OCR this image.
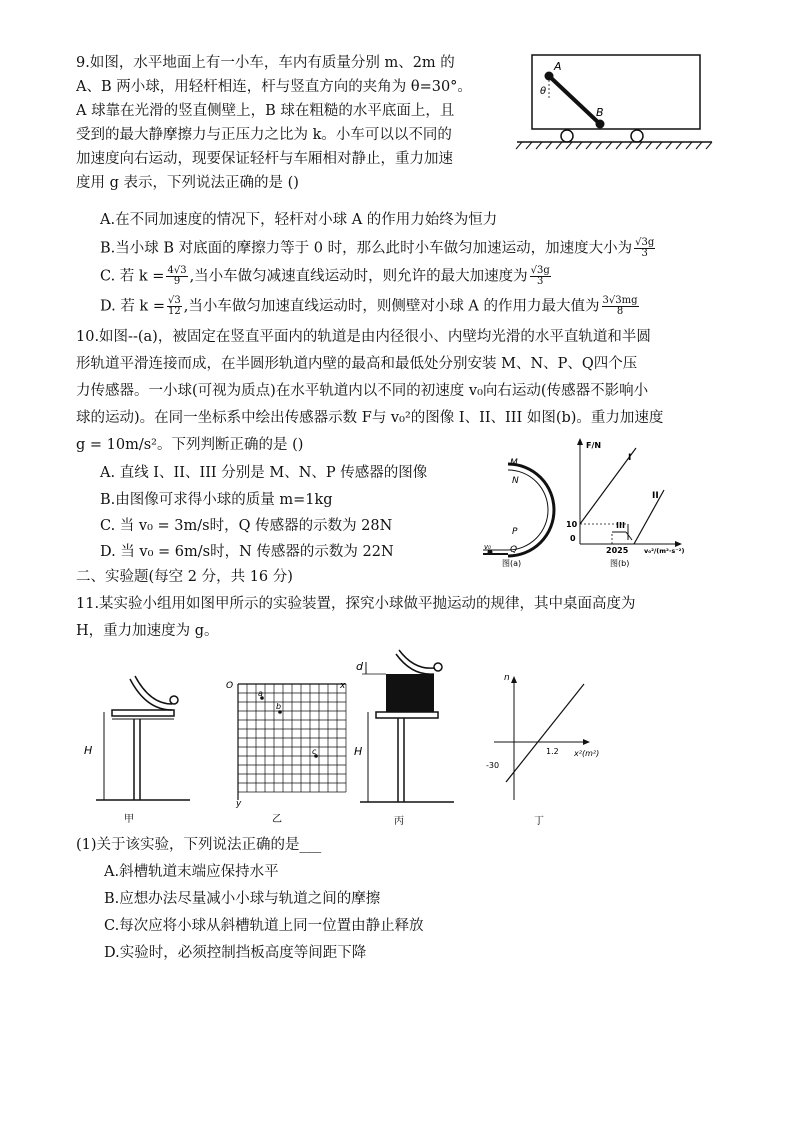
9.如图，水平地面上有一小车，车内有质量分别 m、2m 的
A、B 两小球，用轻杆相连，杆与竖直方向的夹角为 θ=30°。
A 球靠在光滑的竖直侧壁上，B 球在粗糙的水平底面上，且
受到的最大静摩擦力与正压力之比为 k。小车可以以不同的
加速度向右运动，现要保证轻杆与车厢相对静止，重力加速
度用 g 表示，下列说法正确的是 ()
A
B
θ
A.在不同加速度的情况下，轻杆对小球 A 的作用力始终为恒力
B.当小球 B 对底面的摩擦力等于 0 时，那么此时小车做匀加速运动，加速度大小为 $\frac{√3g}{3}$
C. 若 $k = \frac{4√3}{9}$ ,当小车做匀减速直线运动时，则允许的最大加速度为 $\frac{√3g}{3}$
D. 若 $k = \frac{√3}{12}$ ,当小车做匀加速直线运动时，则侧壁对小球 A 的作用力最大值为 $\frac{3√3mg}{8}$
10.如图--(a)，被固定在竖直平面内的轨道是由内径很小、内壁均光滑的水平直轨道和半圆
形轨道平滑连接而成，在半圆形轨道内壁的最高和最低处分别安装 M、N、P、Q四个压
力传感器。一小球(可视为质点)在水平轨道内以不同的初速度 v₀向右运动(传感器不影响小
球的运动)。在同一坐标系中绘出传感器示数 F与 v₀²的图像 I、II、III 如图(b)。重力加速度
g = 10m/s²。下列判断正确的是 ()
A. 直线 I、II、III 分别是 M、N、P 传感器的图像
B.由图像可求得小球的质量 m=1kg
C. 当 v₀ = 3m/s时，Q 传感器的示数为 28N
D. 当 v₀ = 6m/s时，N 传感器的示数为 22N
M
N
P
Q
v₀
图(a)
F/N
I
II
III
10
0
2025 v₀²/(m²·s⁻²)
图(b)
二、实验题(每空 2 分，共 16 分)
11.某实验小组用如图甲所示的实验装置，探究小球做平抛运动的规律，其中桌面高度为
H，重力加速度为 g。
H
甲
O	x
y
a
b
c
乙
d
H
丙
n
-30
1.2 x²(m²)
丁
(1)关于该实验，下列说法正确的是___
A.斜槽轨道末端应保持水平
B.应想办法尽量减小小球与轨道之间的摩擦
C.每次应将小球从斜槽轨道上同一位置由静止释放
D.实验时，必须控制挡板高度等间距下降
